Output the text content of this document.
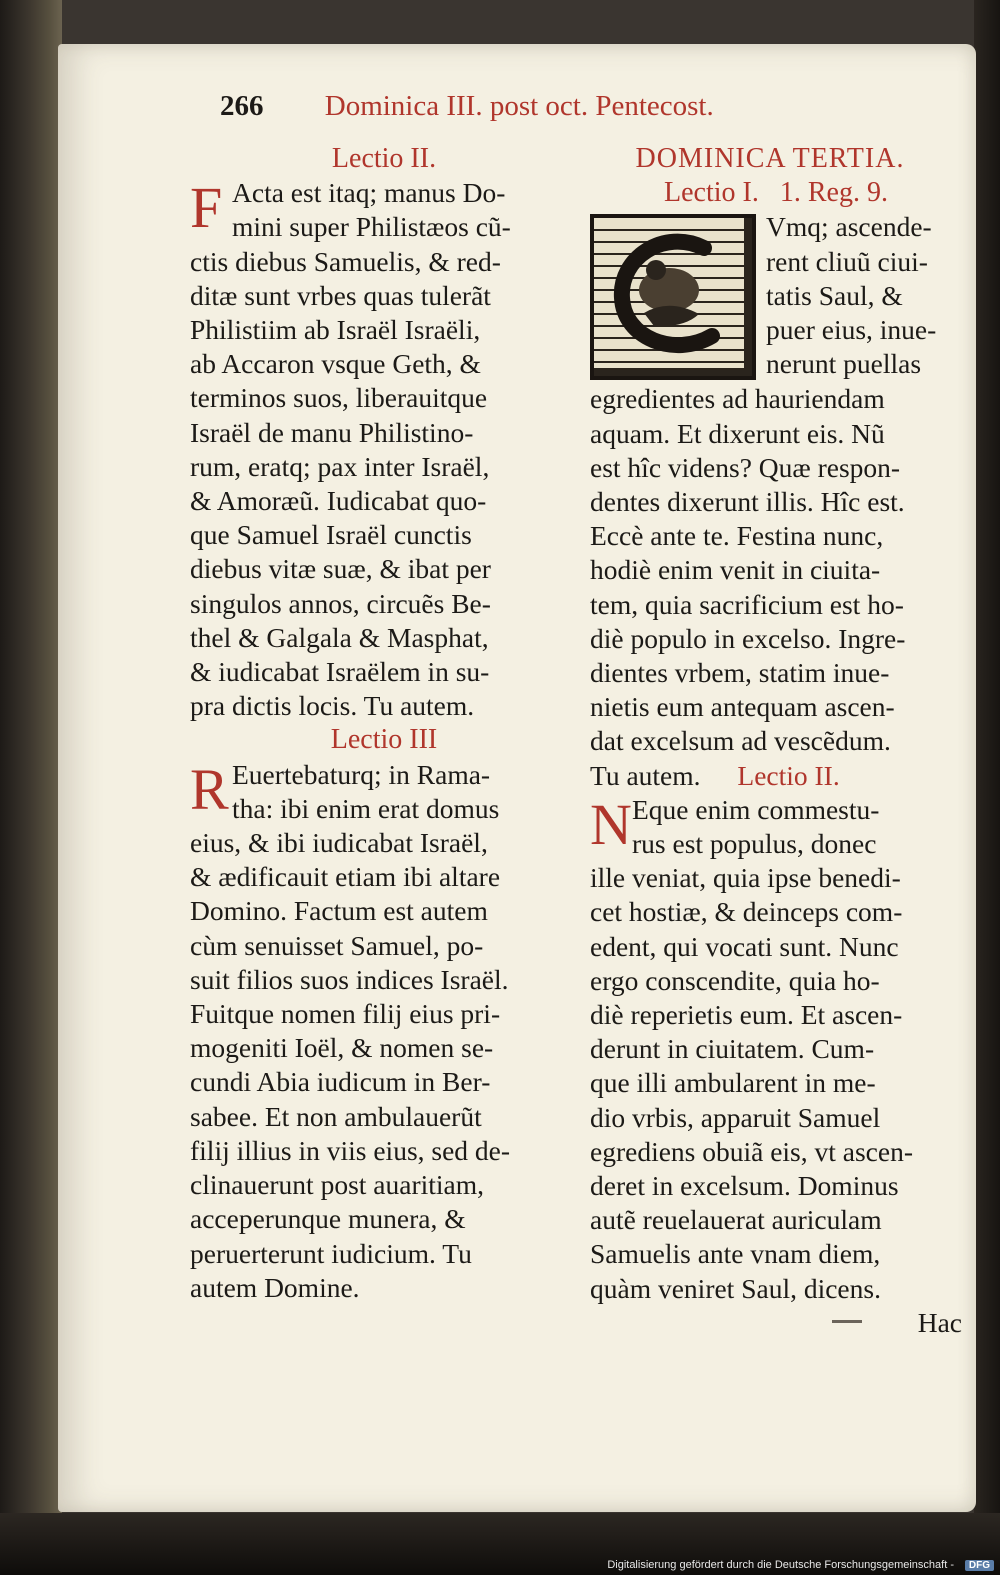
266 Dominica III. post oct. Pentecost.
Lectio II.
F Acta est itaq; manus Do-
mini super Philistæos cũ-
ctis diebus Samuelis, & red-
ditæ sunt vrbes quas tulerãt
Philistiim ab Israël Israëli,
ab Accaron vsque Geth, &
terminos suos, liberauitque
Israël de manu Philistino-
rum, eratq; pax inter Israël,
& Amoræũ. Iudicabat quo-
que Samuel Israël cunctis
diebus vitæ suæ, & ibat per
singulos annos, circuẽs Be-
thel & Galgala & Masphat,
& iudicabat Israëlem in su-
pra dictis locis. Tu autem.
Lectio III
R Euertebaturq; in Rama-
tha: ibi enim erat domus
eius, & ibi iudicabat Israël,
& ædificauit etiam ibi altare
Domino. Factum est autem
cùm senuisset Samuel, po-
suit filios suos indices Israël.
Fuitque nomen filij eius pri-
mogeniti Ioël, & nomen se-
cundi Abia iudicum in Ber-
sabee. Et non ambulauerũt
filij illius in viis eius, sed de-
clinauerunt post auaritiam,
acceperunque munera, &
peruerterunt iudicium. Tu
autem Domine.
DOMINICA TERTIA.
Lectio I. 1. Reg. 9.
Vmq; ascende-
rent cliuũ ciui-
tatis Saul, &
puer eius, inue-
nerunt puellas
egredientes ad hauriendam
aquam. Et dixerunt eis. Nũ
est hîc videns? Quæ respon-
dentes dixerunt illis. Hîc est.
Eccè ante te. Festina nunc,
hodiè enim venit in ciuita-
tem, quia sacrificium est ho-
diè populo in excelso. Ingre-
dientes vrbem, statim inue-
nietis eum antequam ascen-
dat excelsum ad vescẽdum.
Tu autem. Lectio II.
N Eque enim commestu-
rus est populus, donec
ille veniat, quia ipse benedi-
cet hostiæ, & deinceps com-
edent, qui vocati sunt. Nunc
ergo conscendite, quia ho-
diè reperietis eum. Et ascen-
derunt in ciuitatem. Cum-
que illi ambularent in me-
dio vrbis, apparuit Samuel
egrediens obuiã eis, vt ascen-
deret in excelsum. Dominus
autẽ reuelauerat auriculam
Samuelis ante vnam diem,
quàm veniret Saul, dicens.
Hac
Digitalisierung gefördert durch die Deutsche Forschungsgemeinschaft -	DFG
